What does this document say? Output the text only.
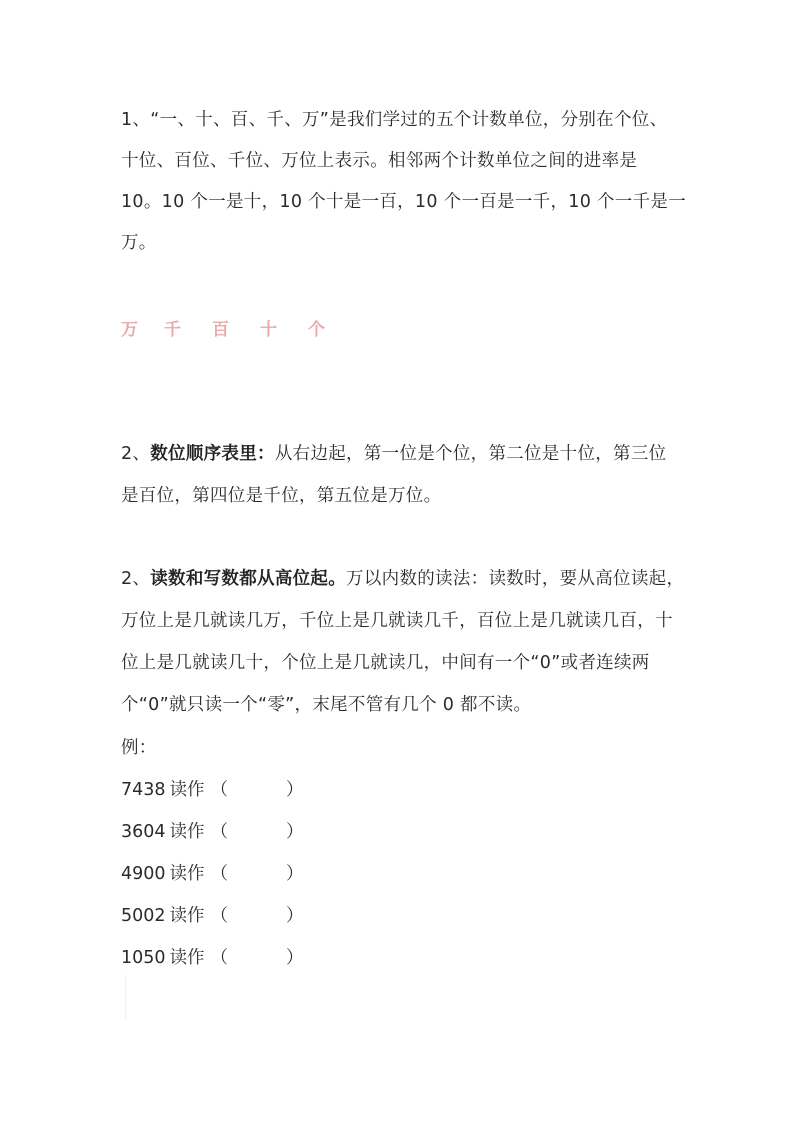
1、“一、十、百、千、万”是我们学过的五个计数单位，分别在个位、
十位、百位、千位、万位上表示。相邻两个计数单位之间的进率是
10。10 个一是十，10 个十是一百，10 个一百是一千，10 个一千是一
万。
万 千 百 十 个
2、数位顺序表里：从右边起，第一位是个位，第二位是十位，第三位
是百位，第四位是千位，第五位是万位。
2、读数和写数都从高位起。万以内数的读法：读数时，要从高位读起，
万位上是几就读几万，千位上是几就读几千，百位上是几就读几百，十
位上是几就读几十，个位上是几就读几，中间有一个“0”或者连续两
个“0”就只读一个“零”，末尾不管有几个 0 都不读。
例：
7438 读作 （	）
3604 读作 （	）
4900 读作 （	）
5002 读作 （	）
1050 读作 （	）
